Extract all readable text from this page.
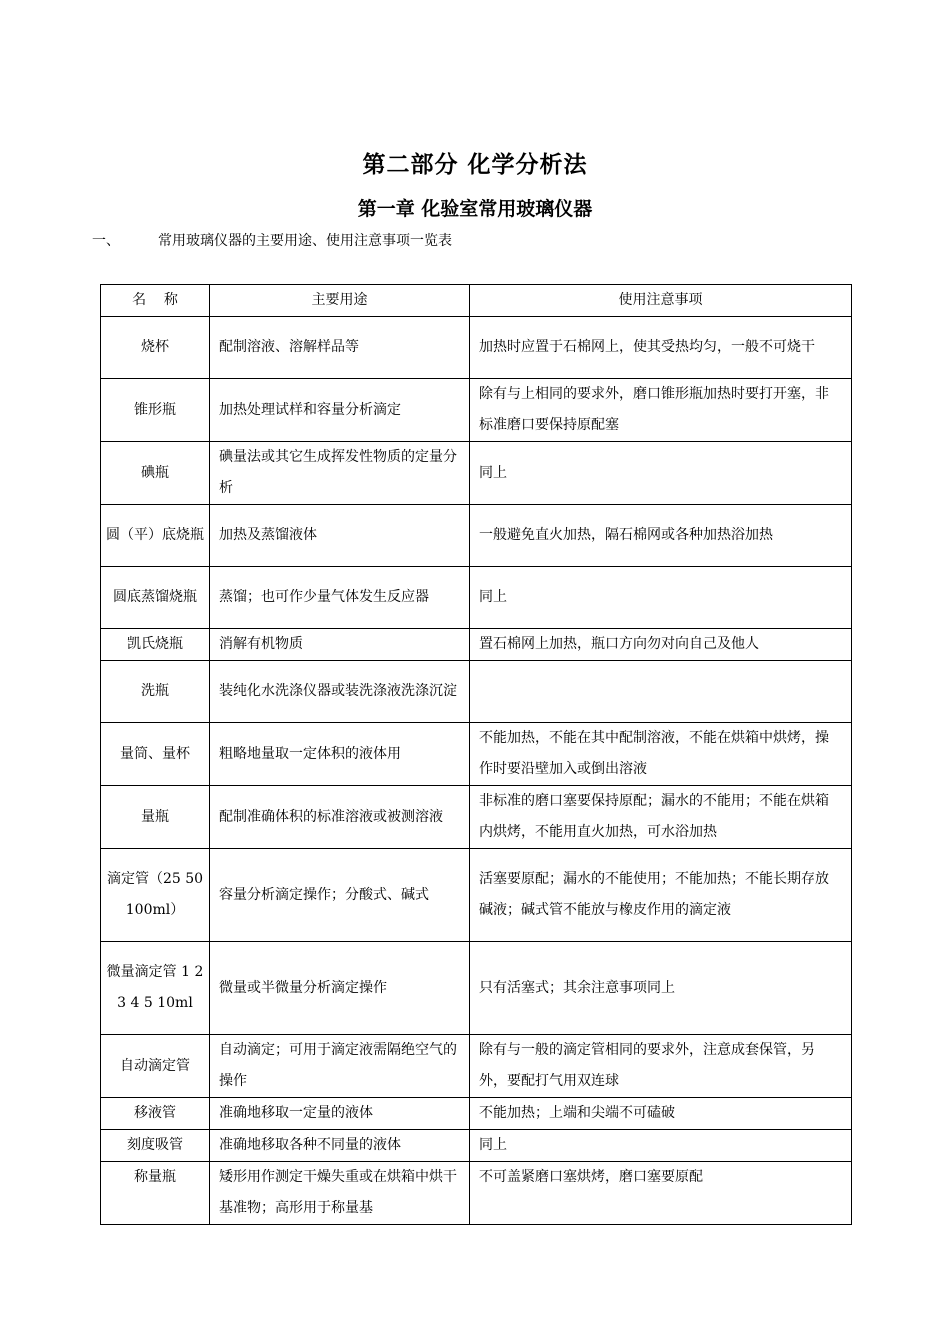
第二部分 化学分析法
第一章 化验室常用玻璃仪器
一、	常用玻璃仪器的主要用途、使用注意事项一览表
名    称	主要用途	使用注意事项
烧杯	配制溶液、溶解样品等	加热时应置于石棉网上，使其受热均匀，一般不可烧干
锥形瓶	加热处理试样和容量分析滴定	除有与上相同的要求外，磨口锥形瓶加热时要打开塞，非标准磨口要保持原配塞
碘瓶	碘量法或其它生成挥发性物质的定量分析	同上
圆（平）底烧瓶	加热及蒸馏液体	一般避免直火加热，隔石棉网或各种加热浴加热
圆底蒸馏烧瓶	蒸馏；也可作少量气体发生反应器	同上
凯氏烧瓶	消解有机物质	置石棉网上加热，瓶口方向勿对向自己及他人
洗瓶	装纯化水洗涤仪器或装洗涤液洗涤沉淀	
量筒、量杯	粗略地量取一定体积的液体用	不能加热，不能在其中配制溶液，不能在烘箱中烘烤，操作时要沿壁加入或倒出溶液
量瓶	配制准确体积的标准溶液或被测溶液	非标准的磨口塞要保持原配；漏水的不能用；不能在烘箱内烘烤，不能用直火加热，可水浴加热
滴定管（25 50 100ml）	容量分析滴定操作；分酸式、碱式	活塞要原配；漏水的不能使用；不能加热；不能长期存放碱液；碱式管不能放与橡皮作用的滴定液
微量滴定管 1 2 3 4 5 10ml	微量或半微量分析滴定操作	只有活塞式；其余注意事项同上
自动滴定管	自动滴定；可用于滴定液需隔绝空气的操作	除有与一般的滴定管相同的要求外，注意成套保管，另外，要配打气用双连球
移液管	准确地移取一定量的液体	不能加热；上端和尖端不可磕破
刻度吸管	准确地移取各种不同量的液体	同上
称量瓶	矮形用作测定干燥失重或在烘箱中烘干基准物；高形用于称量基	不可盖紧磨口塞烘烤，磨口塞要原配
